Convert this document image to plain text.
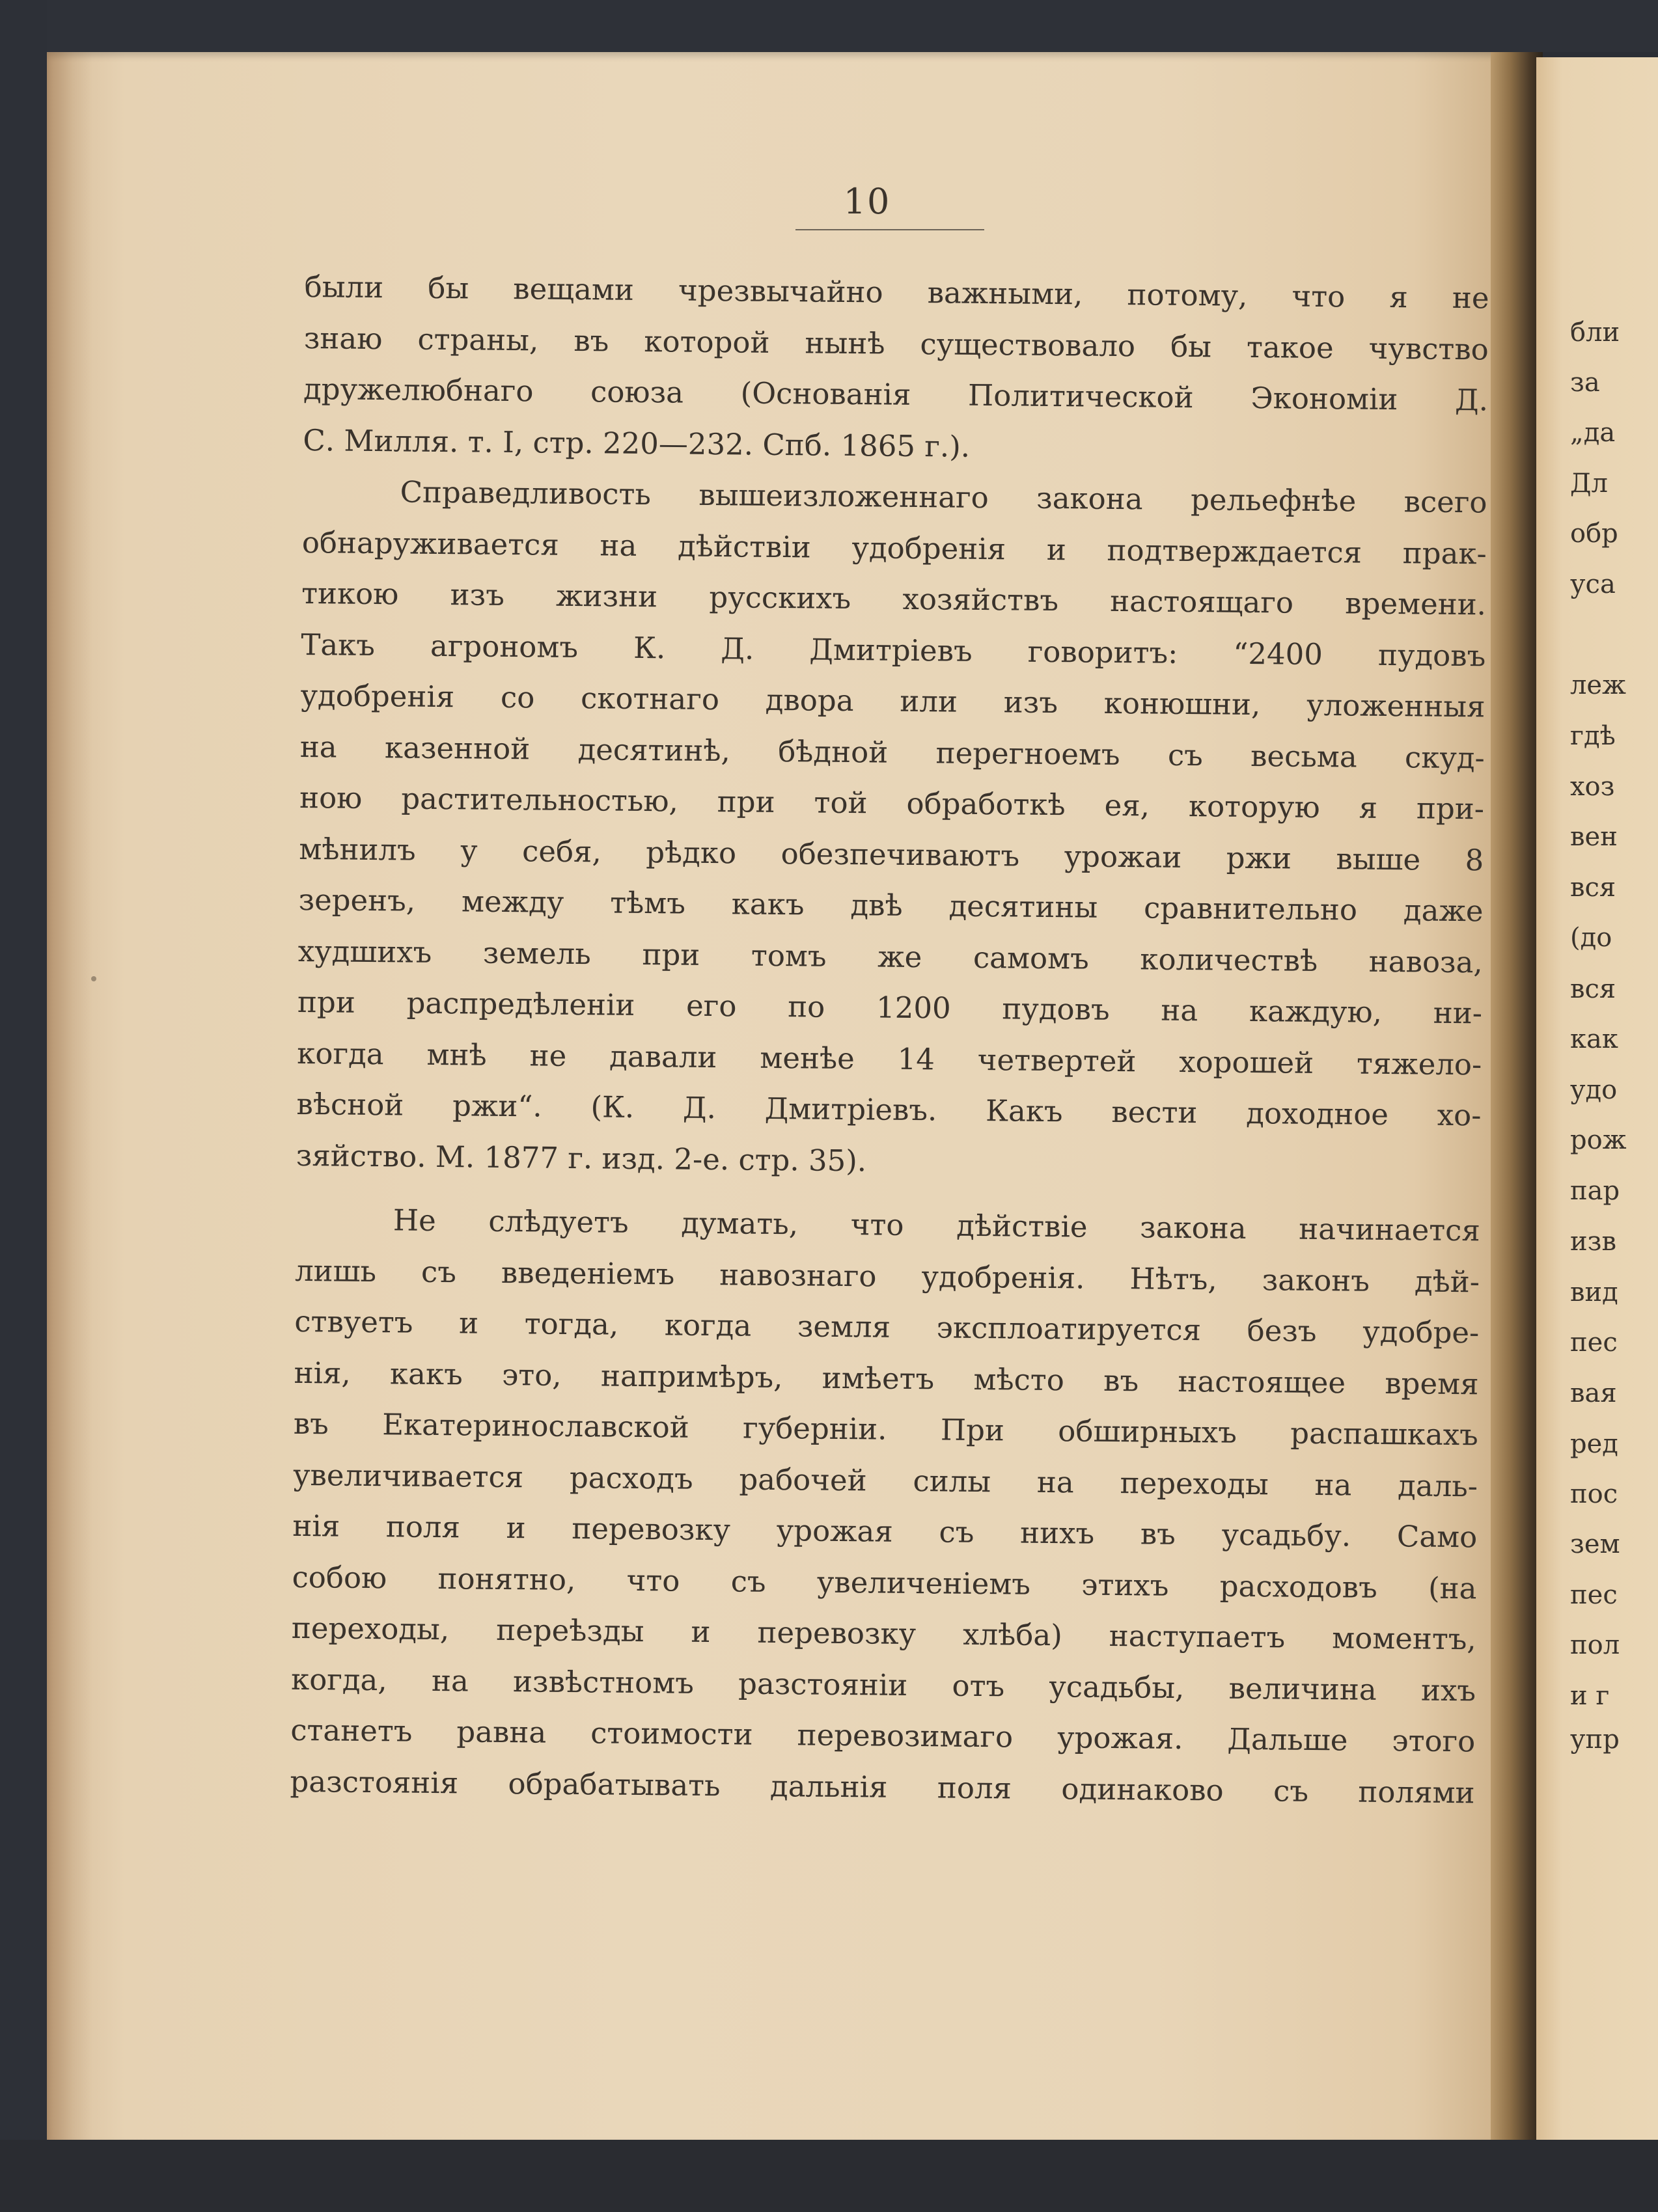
10
были бы вещами чрезвычайно важными, потому, что я не
знаю страны, въ которой нынѣ существовало бы такое чувство
дружелюбнаго союза (Основанія Политической Экономіи Д.
С. Милля. т. I, стр. 220—232. Спб. 1865 г.).
Справедливость вышеизложеннаго закона рельефнѣе всего
обнаруживается на дѣйствіи удобренія и подтверждается прак-
тикою изъ жизни русскихъ хозяйствъ настоящаго времени.
Такъ агрономъ К. Д. Дмитріевъ говоритъ: “2400 пудовъ
удобренія со скотнаго двора или изъ конюшни, уложенныя
на казенной десятинѣ, бѣдной перегноемъ съ весьма скуд-
ною растительностью, при той обработкѣ ея, которую я при-
мѣнилъ у себя, рѣдко обезпечиваютъ урожаи ржи выше 8
зеренъ, между тѣмъ какъ двѣ десятины сравнительно даже
худшихъ земель при томъ же самомъ количествѣ навоза,
при распредѣленіи его по 1200 пудовъ на каждую, ни-
когда мнѣ не давали менѣе 14 четвертей хорошей тяжело-
вѣсной ржи“. (К. Д. Дмитріевъ. Какъ вести доходное хо-
зяйство. М. 1877 г. изд. 2-е. стр. 35).
Не слѣдуетъ думать, что дѣйствіе закона начинается
лишь съ введеніемъ навознаго удобренія. Нѣтъ, законъ дѣй-
ствуетъ и тогда, когда земля эксплоатируется безъ удобре-
нія, какъ это, напримѣръ, имѣетъ мѣсто въ настоящее время
въ Екатеринославской губерніи. При обширныхъ распашкахъ
увеличивается расходъ рабочей силы на переходы на даль-
нія поля и перевозку урожая съ нихъ въ усадьбу. Само
собою понятно, что съ увеличеніемъ этихъ расходовъ (на
переходы, переѣзды и перевозку хлѣба) наступаетъ моментъ,
когда, на извѣстномъ разстояніи отъ усадьбы, величина ихъ
станетъ равна стоимости перевозимаго урожая. Дальше этого
разстоянія обрабатывать дальнія поля одинаково съ полями
бли
за
„да
Дл
обр
уса
леж
гдѣ
хоз
вен
вся
(до
вся
как
удо
рож
пар
изв
вид
пес
вая
ред
пос
зем
пес
пол
и г
упр
